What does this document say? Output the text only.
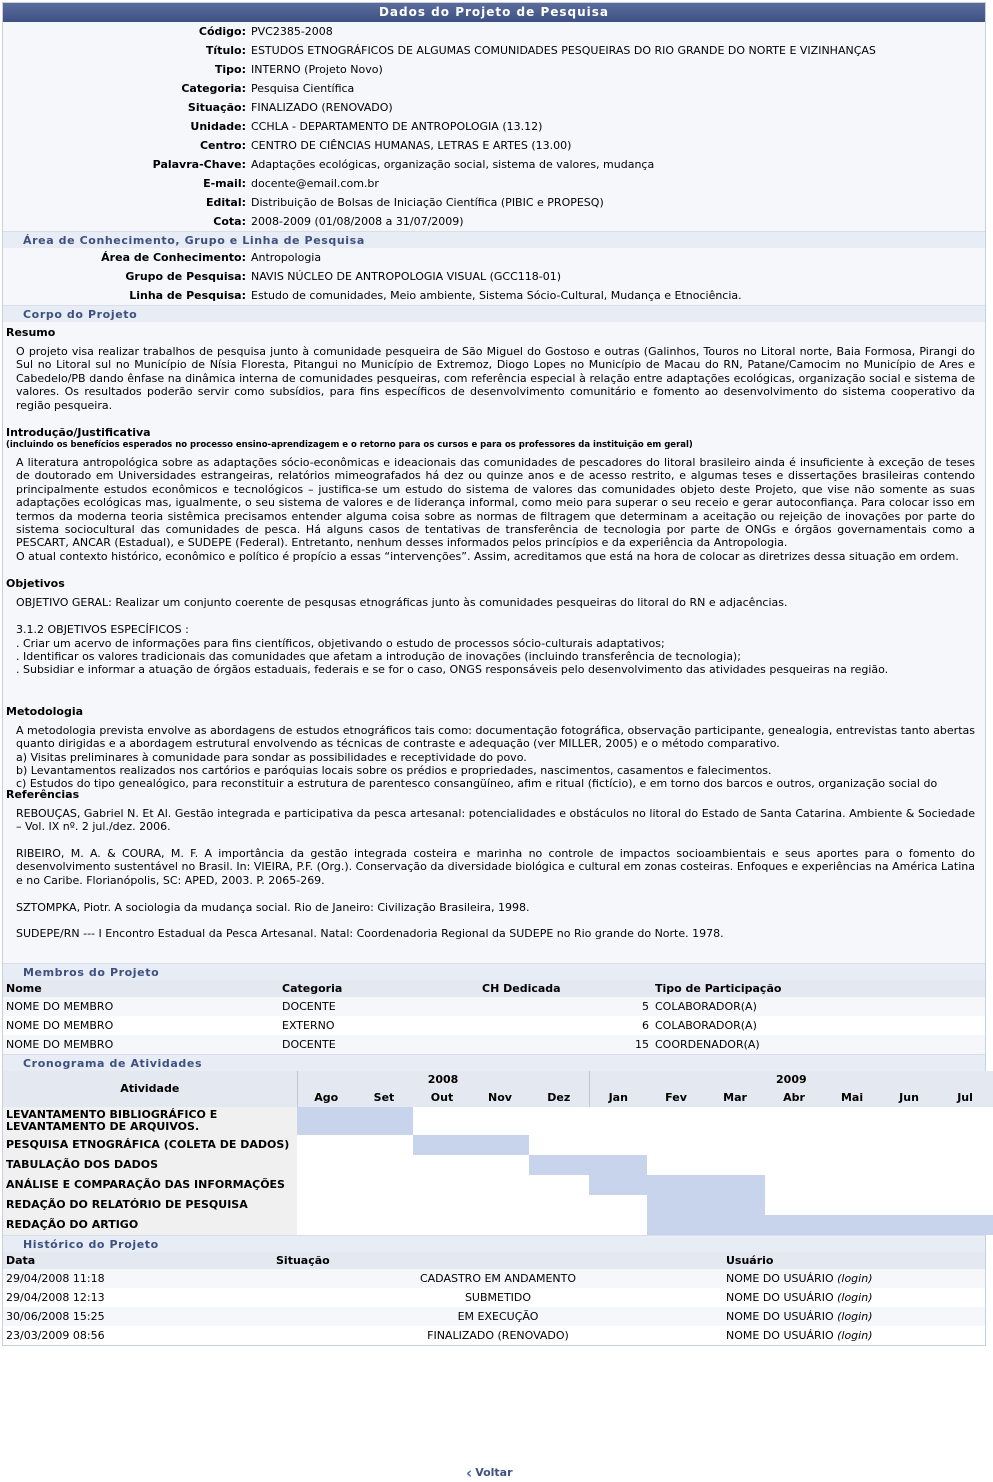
Dados do Projeto de Pesquisa
Código:	PVC2385-2008
Título:	ESTUDOS ETNOGRÁFICOS DE ALGUMAS COMUNIDADES PESQUEIRAS DO RIO GRANDE DO NORTE E VIZINHANÇAS
Tipo:	INTERNO (Projeto Novo)
Categoria:	Pesquisa Científica
Situação:	FINALIZADO (RENOVADO)
Unidade:	CCHLA - DEPARTAMENTO DE ANTROPOLOGIA (13.12)
Centro:	CENTRO DE CIÊNCIAS HUMANAS, LETRAS E ARTES (13.00)
Palavra-Chave:	Adaptações ecológicas, organização social, sistema de valores, mudança
E-mail:	docente@email.com.br
Edital:	Distribuição de Bolsas de Iniciação Científica (PIBIC e PROPESQ)
Cota:	2008-2009 (01/08/2008 a 31/07/2009)
Área de Conhecimento, Grupo e Linha de Pesquisa
Área de Conhecimento:	Antropologia
Grupo de Pesquisa:	NAVIS NÚCLEO DE ANTROPOLOGIA VISUAL (GCC118-01)
Linha de Pesquisa:	Estudo de comunidades, Meio ambiente, Sistema Sócio-Cultural, Mudança e Etnociência.
Corpo do Projeto
Resumo

O projeto visa realizar trabalhos de pesquisa junto à comunidade pesqueira de São Miguel do Gostoso e outras (Galinhos, Touros no Litoral norte, Baia Formosa, Pirangi do Sul no Litoral sul no Município de Nísia Floresta, Pitangui no Município de Extremoz, Diogo Lopes no Município de Macau do RN, Patane/Camocim no Município de Ares e Cabedelo/PB dando ênfase na dinâmica interna de comunidades pesqueiras, com referência especial à relação entre adaptações ecológicas, organização social e sistema de valores. Os resultados poderão servir como subsídios, para fins específicos de desenvolvimento comunitário e fomento ao desenvolvimento do sistema cooperativo da região pesqueira.

Introdução/Justificativa
(incluindo os benefícios esperados no processo ensino-aprendizagem e o retorno para os cursos e para os professores da instituição em geral)

A literatura antropológica sobre as adaptações sócio-econômicas e ideacionais das comunidades de pescadores do litoral brasileiro ainda é insuficiente à exceção de teses de doutorado em Universidades estrangeiras, relatórios mimeografados há dez ou quinze anos e de acesso restrito, e algumas teses e dissertações brasileiras contendo principalmente estudos econômicos e tecnológicos – justifica-se um estudo do sistema de valores das comunidades objeto deste Projeto, que vise não somente as suas adaptações ecológicas mas, igualmente, o seu sistema de valores e de liderança informal, como meio para superar o seu receio e gerar autoconfiança. Para colocar isso em termos da moderna teoria sistêmica precisamos entender alguma coisa sobre as normas de filtragem que determinam a aceitação ou rejeição de inovações por parte do sistema sociocultural das comunidades de pesca. Há alguns casos de tentativas de transferência de tecnologia por parte de ONGs e órgãos governamentais como a PESCART, ANCAR (Estadual), e SUDEPE (Federal). Entretanto, nenhum desses informados pelos princípios e da experiência da Antropologia.
O atual contexto histórico, econômico e político é propício a essas “intervenções”. Assim, acreditamos que está na hora de colocar as diretrizes dessa situação em ordem.

Objetivos

OBJETIVO GERAL: Realizar um conjunto coerente de pesqusas etnográficas junto às comunidades pesqueiras do litoral do RN e adjacências.

3.1.2 OBJETIVOS ESPECÍFICOS :
. Criar um acervo de informações para fins científicos, objetivando o estudo de processos sócio-culturais adaptativos;
. Identificar os valores tradicionais das comunidades que afetam a introdução de inovações (incluindo transferência de tecnologia);
. Subsidiar e informar a atuação de órgãos estaduais, federais e se for o caso, ONGS responsáveis pelo desenvolvimento das atividades pesqueiras na região.

Metodologia

A metodologia prevista envolve as abordagens de estudos etnográficos tais como: documentação fotográfica, observação participante, genealogia, entrevistas tanto abertas quanto dirigidas e a abordagem estrutural envolvendo as técnicas de contraste e adequação (ver MILLER, 2005) e o método comparativo.
a) Visitas preliminares à comunidade para sondar as possibilidades e receptividade do povo.
b) Levantamentos realizados nos cartórios e paróquias locais sobre os prédios e propriedades, nascimentos, casamentos e falecimentos.
c) Estudos do tipo genealógico, para reconstituir a estrutura de parentesco consangüíneo, afim e ritual (fictício), e em torno dos barcos e outros, organização social do

Referências

REBOUÇAS, Gabriel N. Et Al. Gestão integrada e participativa da pesca artesanal: potencialidades e obstáculos no litoral do Estado de Santa Catarina. Ambiente & Sociedade – Vol. IX nº. 2 jul./dez. 2006.

RIBEIRO, M. A. & COURA, M. F. A importância da gestão integrada costeira e marinha no controle de impactos socioambientais e seus aportes para o fomento do desenvolvimento sustentável no Brasil. In: VIEIRA, P.F. (Org.). Conservação da diversidade biológica e cultural em zonas costeiras. Enfoques e experiências na América Latina e no Caribe. Florianópolis, SC: APED, 2003. P. 2065-269.

SZTOMPKA, Piotr. A sociologia da mudança social. Rio de Janeiro: Civilização Brasileira, 1998.

SUDEPE/RN --- I Encontro Estadual da Pesca Artesanal. Natal: Coordenadoria Regional da SUDEPE no Rio grande do Norte. 1978.

Membros do Projeto
Nome	Categoria	CH Dedicada	Tipo de Participação
NOME DO MEMBRO	DOCENTE	5	COLABORADOR(A)
NOME DO MEMBRO	EXTERNO	6	COLABORADOR(A)
NOME DO MEMBRO	DOCENTE	15	COORDENADOR(A)
Cronograma de Atividades
Atividade	2008					2009						
	Ago	Set	Out	Nov	Dez	Jan	Fev	Mar	Abr	Mai	Jun	Jul
LEVANTAMENTO BIBLIOGRÁFICO E LEVANTAMENTO DE ARQUIVOS.												
PESQUISA ETNOGRÁFICA (COLETA DE DADOS)												
TABULAÇÃO DOS DADOS												
ANÁLISE E COMPARAÇÃO DAS INFORMAÇÕES												
REDAÇÃO DO RELATÓRIO DE PESQUISA												
REDAÇÃO DO ARTIGO												
Histórico do Projeto
Data	Situação	Usuário
29/04/2008 11:18	CADASTRO EM ANDAMENTO	NOME DO USUÁRIO (login)
29/04/2008 12:13	SUBMETIDO	NOME DO USUÁRIO (login)
30/06/2008 15:25	EM EXECUÇÃO	NOME DO USUÁRIO (login)
23/03/2009 08:56	FINALIZADO (RENOVADO)	NOME DO USUÁRIO (login)
‹ Voltar
